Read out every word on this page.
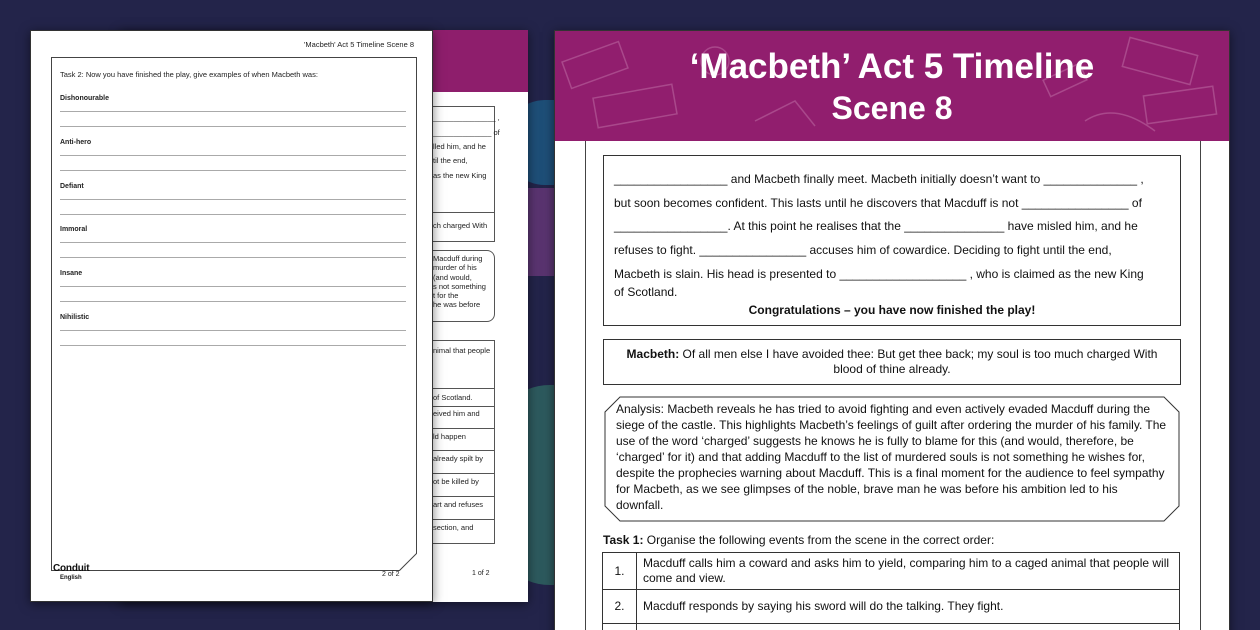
_______________ ,
______________ of
lled him, and he
til the end,
as the new King
ch charged With
Macduff during
murder of his
(and would,
s not something
t for the
he was before
nimal that people
of Scotland.
eived him and
ld happen
already spilt by
ot be killed by
art and refuses
section, and
1 of 2
'Macbeth' Act 5 Timeline Scene 8
Task 2: Now you have finished the play, give examples of when Macbeth was:
Dishonourable
Anti-hero
Defiant
Immoral
Insane
Nihilistic
Conduit
English	2 of 2
‘Macbeth’ Act 5 Timeline
Scene 8
_________________ and Macbeth finally meet. Macbeth initially doesn’t want to ______________ ,
but soon becomes confident. This lasts until he discovers that Macduff is not ________________ of
_________________. At this point he realises that the _______________ have misled him, and he
refuses to fight. ________________ accuses him of cowardice. Deciding to fight until the end,
Macbeth is slain. His head is presented to ___________________ , who is claimed as the new King
of Scotland.
Congratulations – you have now finished the play!
Macbeth: Of all men else I have avoided thee: But get thee back; my soul is too much charged With blood of thine already.
Analysis: Macbeth reveals he has tried to avoid fighting and even actively evaded Macduff during the siege of the castle. This highlights Macbeth’s feelings of guilt after ordering the murder of his family. The use of the word ‘charged’ suggests he knows he is fully to blame for this (and would, therefore, be ‘charged’ for it) and that adding Macduff to the list of murdered souls is not something he wishes for, despite the prophecies warning about Macduff. This is a final moment for the audience to feel sympathy for Macbeth, as we see glimpses of the noble, brave man he was before his ambition led to his downfall.
Task 1: Organise the following events from the scene in the correct order:
1.	Macduff calls him a coward and asks him to yield, comparing him to a caged animal that people will come and view.
2.	Macduff responds by saying his sword will do the talking. They fight.
